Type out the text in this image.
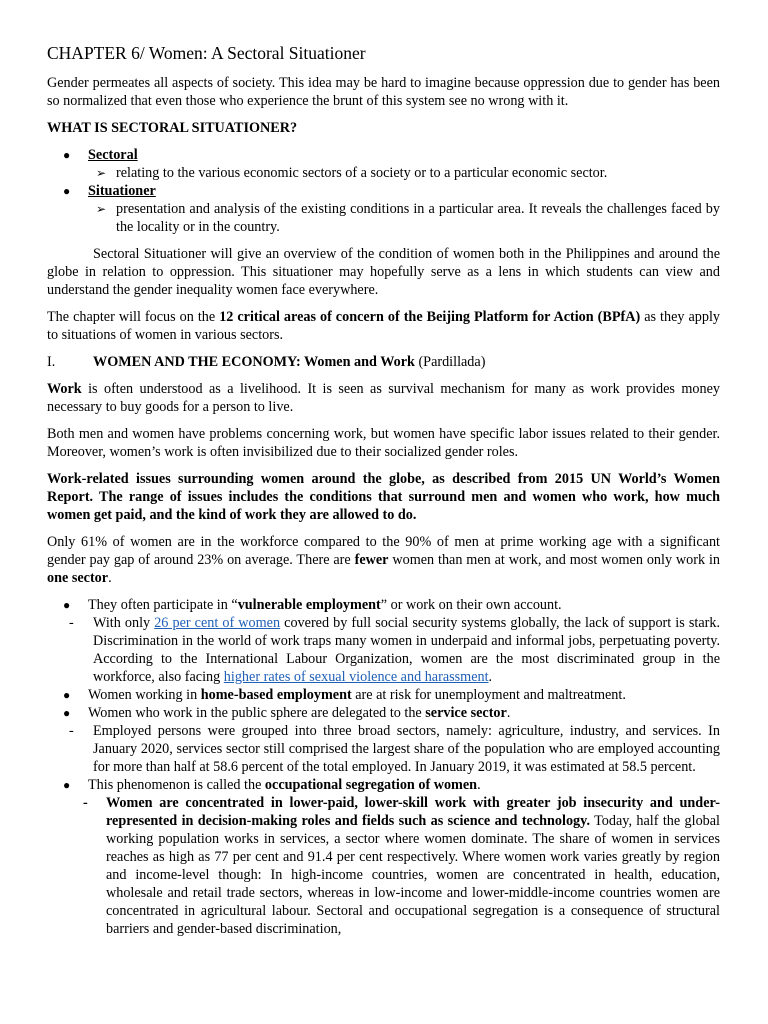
CHAPTER 6/ Women: A Sectoral Situationer

Gender permeates all aspects of society. This idea may be hard to imagine because oppression due to gender has been so normalized that even those who experience the brunt of this system see no wrong with it.

WHAT IS SECTORAL SITUATIONER?

●	Sectoral
➢ relating to the various economic sectors of a society or to a particular economic sector.
●	Situationer
➢ presentation and analysis of the existing conditions in a particular area. It reveals the challenges faced by the locality or in the country.

Sectoral Situationer will give an overview of the condition of women both in the Philippines and around the globe in relation to oppression. This situationer may hopefully serve as a lens in which students can view and understand the gender inequality women face everywhere.

The chapter will focus on the 12 critical areas of concern of the Beijing Platform for Action (BPfA) as they apply to situations of women in various sectors.

I.	WOMEN AND THE ECONOMY: Women and Work (Pardillada)

Work is often understood as a livelihood. It is seen as survival mechanism for many as work provides money necessary to buy goods for a person to live.

Both men and women have problems concerning work, but women have specific labor issues related to their gender. Moreover, women’s work is often invisibilized due to their socialized gender roles.

Work-related issues surrounding women around the globe, as described from 2015 UN World’s Women Report. The range of issues includes the conditions that surround men and women who work, how much women get paid, and the kind of work they are allowed to do.

Only 61% of women are in the workforce compared to the 90% of men at prime working age with a significant gender pay gap of around 23% on average. There are fewer women than men at work, and most women only work in one sector.

●	They often participate in “vulnerable employment” or work on their own account.
-	With only 26 per cent of women covered by full social security systems globally, the lack of support is stark. Discrimination in the world of work traps many women in underpaid and informal jobs, perpetuating poverty. According to the International Labour Organization, women are the most discriminated group in the workforce, also facing higher rates of sexual violence and harassment.
●	Women working in home-based employment are at risk for unemployment and maltreatment.
●	Women who work in the public sphere are delegated to the service sector.
-	Employed persons were grouped into three broad sectors, namely: agriculture, industry, and services. In January 2020, services sector still comprised the largest share of the population who are employed accounting for more than half at 58.6 percent of the total employed. In January 2019, it was estimated at 58.5 percent.
●	This phenomenon is called the occupational segregation of women.
-	Women are concentrated in lower-paid, lower-skill work with greater job insecurity and under-represented in decision-making roles and fields such as science and technology. Today, half the global working population works in services, a sector where women dominate. The share of women in services reaches as high as 77 per cent and 91.4 per cent respectively. Where women work varies greatly by region and income-level though: In high-income countries, women are concentrated in health, education, wholesale and retail trade sectors, whereas in low-income and lower-middle-income countries women are concentrated in agricultural labour. Sectoral and occupational segregation is a consequence of structural barriers and gender-based discrimination,
